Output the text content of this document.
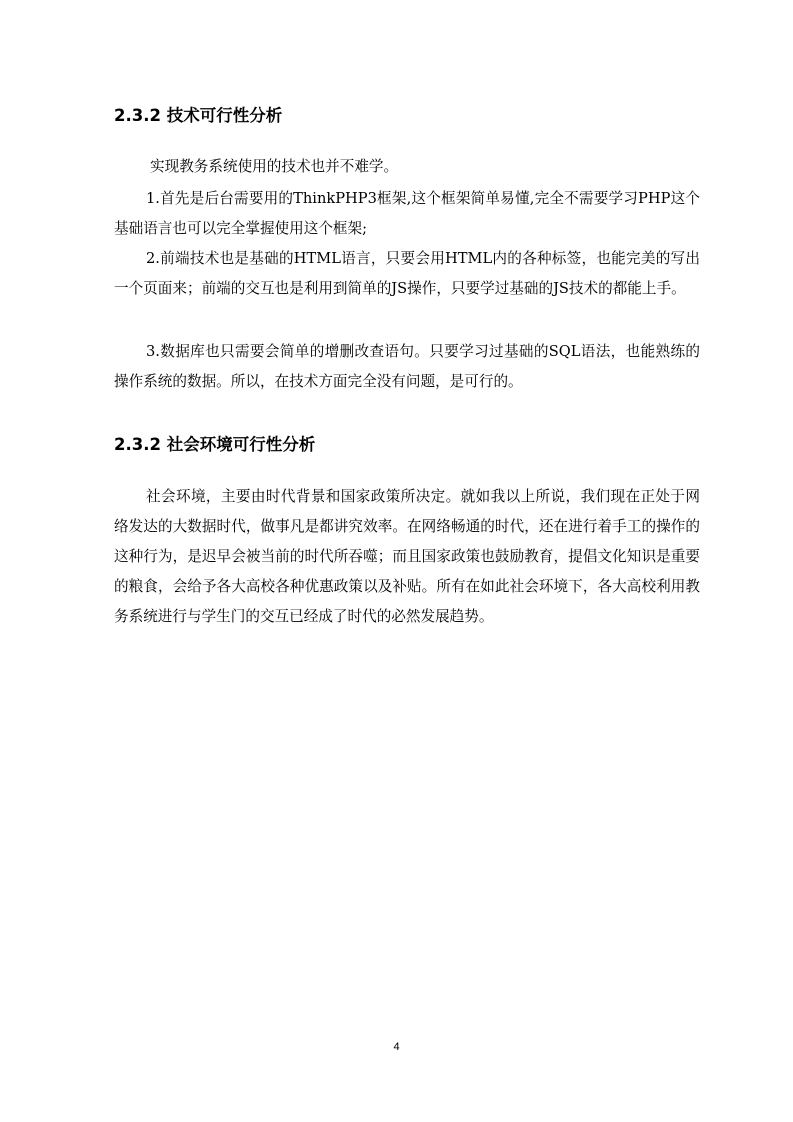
2.3.2 技术可行性分析

实现教务系统使用的技术也并不难学。

1.首先是后台需要用的ThinkPHP3框架,这个框架简单易懂,完全不需要学习PHP这个基础语言也可以完全掌握使用这个框架;

2.前端技术也是基础的HTML语言，只要会用HTML内的各种标签，也能完美的写出一个页面来；前端的交互也是利用到简单的JS操作，只要学过基础的JS技术的都能上手。

3.数据库也只需要会简单的增删改查语句。只要学习过基础的SQL语法，也能熟练的操作系统的数据。所以，在技术方面完全没有问题，是可行的。

2.3.2 社会环境可行性分析

社会环境，主要由时代背景和国家政策所决定。就如我以上所说，我们现在正处于网络发达的大数据时代，做事凡是都讲究效率。在网络畅通的时代，还在进行着手工的操作的这种行为，是迟早会被当前的时代所吞噬；而且国家政策也鼓励教育，提倡文化知识是重要的粮食，会给予各大高校各种优惠政策以及补贴。所有在如此社会环境下，各大高校利用教务系统进行与学生门的交互已经成了时代的必然发展趋势。

4
